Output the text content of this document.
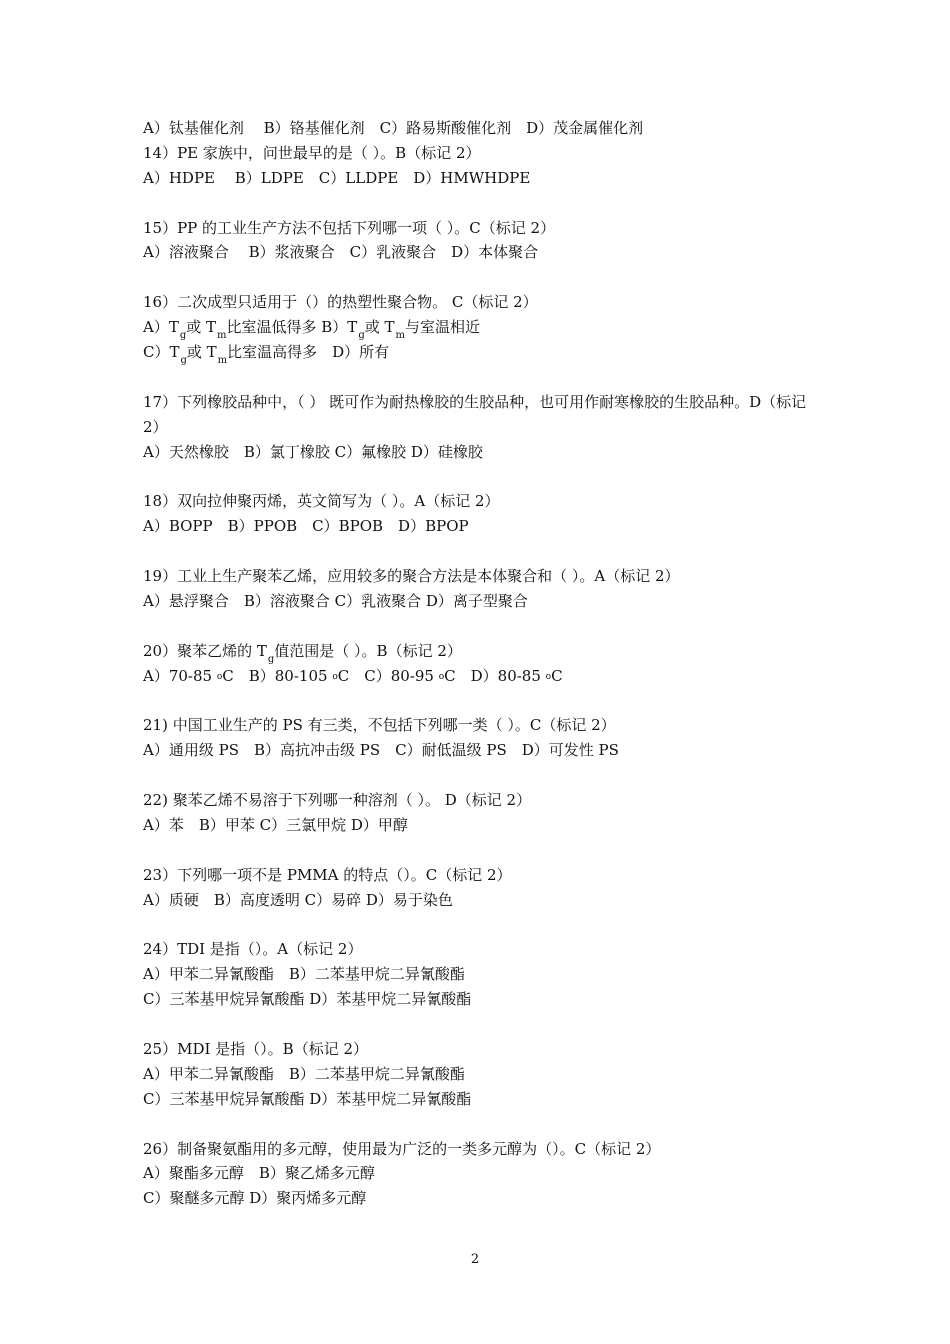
A）钛基催化剂　 B）铬基催化剂　C）路易斯酸催化剂　D）茂金属催化剂
14）PE 家族中，问世最早的是（ ）。B（标记 2）
A）HDPE　 B）LDPE　C）LLDPE　D）HMWHDPE
15）PP 的工业生产方法不包括下列哪一项（ ）。C（标记 2）
A）溶液聚合　 B）浆液聚合　C）乳液聚合　D）本体聚合
16）二次成型只适用于（）的热塑性聚合物。 C（标记 2）
$A)T_g$或 $T_m$比室温低得多 $B)T_g$或 $T_m$与室温相近
$C)T_g$或 $T_m$比室温高得多　D）所有
17）下列橡胶品种中，（ ） 既可作为耐热橡胶的生胶品种，也可用作耐寒橡胶的生胶品种。D（标记 2）
A）天然橡胶　B）氯丁橡胶 C）氟橡胶 D）硅橡胶
18）双向拉伸聚丙烯，英文简写为（ ）。A（标记 2）
A）BOPP　B）PPOB　C）BPOB　D）BPOP
19）工业上生产聚苯乙烯，应用较多的聚合方法是本体聚合和（ ）。A（标记 2）
A）悬浮聚合　B）溶液聚合 C）乳液聚合 D）离子型聚合
20）聚苯乙烯的 $T_g$值范围是（ ）。B（标记 2）
A）70-85 oC　B）80-105 oC　C）80-95 oC　D）80-85 oC
21) 中国工业生产的 PS 有三类，不包括下列哪一类（ ）。C（标记 2）
A）通用级 PS　B）高抗冲击级 PS　C）耐低温级 PS　D）可发性 PS
22) 聚苯乙烯不易溶于下列哪一种溶剂（ ）。 D（标记 2）
A）苯　B）甲苯 C）三氯甲烷 D）甲醇
23）下列哪一项不是 PMMA 的特点（）。C（标记 2）
A）质硬　B）高度透明 C）易碎 D）易于染色
24）TDI 是指（）。A（标记 2）
A）甲苯二异氰酸酯　B）二苯基甲烷二异氰酸酯
C）三苯基甲烷异氰酸酯 D）苯基甲烷二异氰酸酯
25）MDI 是指（）。B（标记 2）
A）甲苯二异氰酸酯　B）二苯基甲烷二异氰酸酯
C）三苯基甲烷异氰酸酯 D）苯基甲烷二异氰酸酯
26）制备聚氨酯用的多元醇，使用最为广泛的一类多元醇为（）。C（标记 2）
A）聚酯多元醇　B）聚乙烯多元醇
C）聚醚多元醇 D）聚丙烯多元醇
2
